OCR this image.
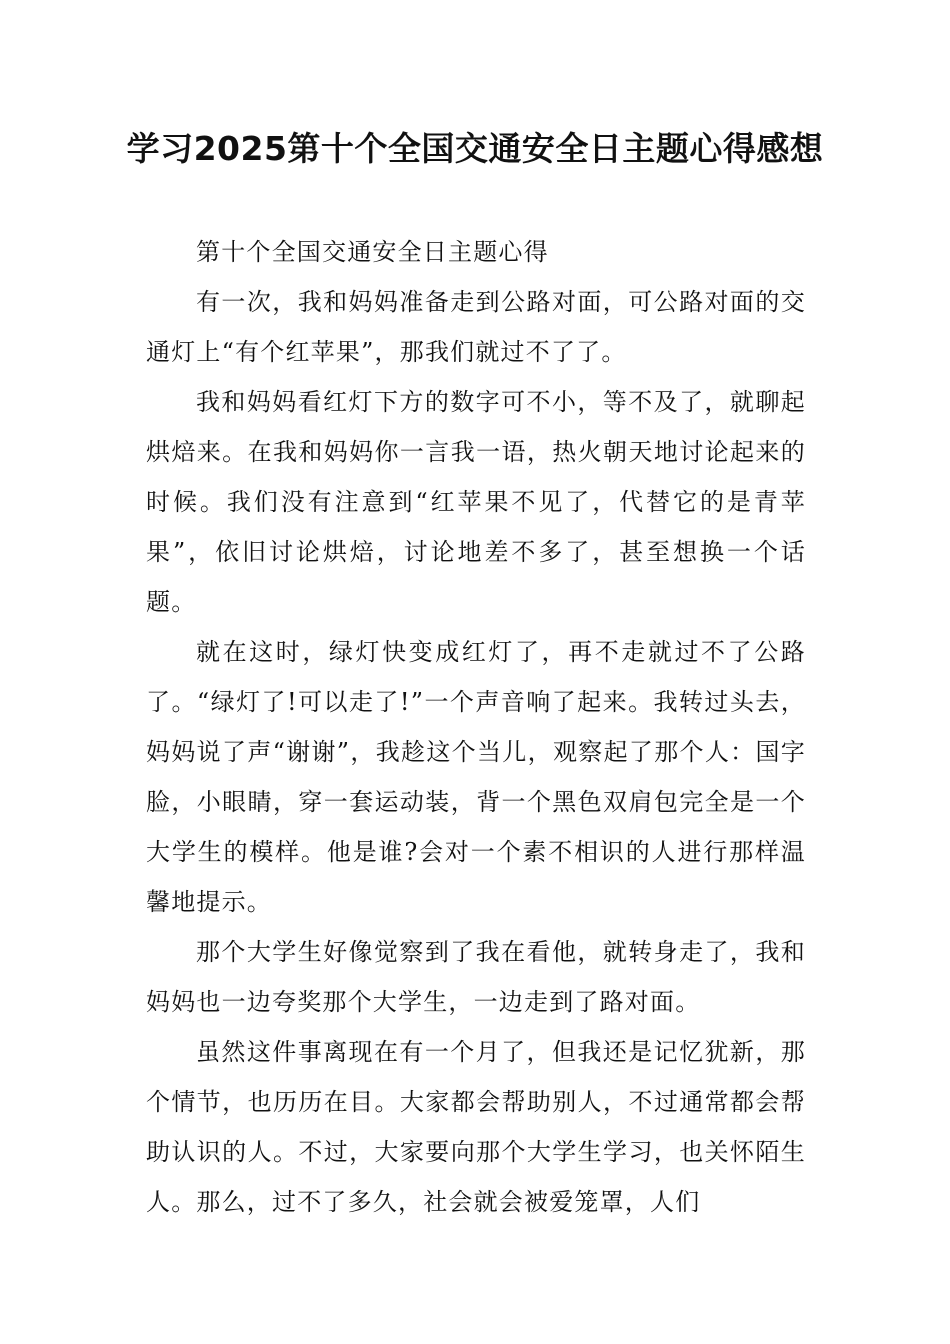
学习2025第十个全国交通安全日主题心得感想

第十个全国交通安全日主题心得

有一次，我和妈妈准备走到公路对面，可公路对面的交通灯上“有个红苹果”，那我们就过不了了。

我和妈妈看红灯下方的数字可不小，等不及了，就聊起烘焙来。在我和妈妈你一言我一语，热火朝天地讨论起来的时候。我们没有注意到“红苹果不见了，代替它的是青苹果”，依旧讨论烘焙，讨论地差不多了，甚至想换一个话题。

就在这时，绿灯快变成红灯了，再不走就过不了公路了。“绿灯了!可以走了!”一个声音响了起来。我转过头去，妈妈说了声“谢谢”，我趁这个当儿，观察起了那个人：国字脸，小眼睛，穿一套运动装，背一个黑色双肩包完全是一个大学生的模样。他是谁?会对一个素不相识的人进行那样温馨地提示。

那个大学生好像觉察到了我在看他，就转身走了，我和妈妈也一边夸奖那个大学生，一边走到了路对面。

虽然这件事离现在有一个月了，但我还是记忆犹新，那个情节，也历历在目。大家都会帮助别人，不过通常都会帮助认识的人。不过，大家要向那个大学生学习，也关怀陌生人。那么，过不了多久，社会就会被爱笼罩，人们
